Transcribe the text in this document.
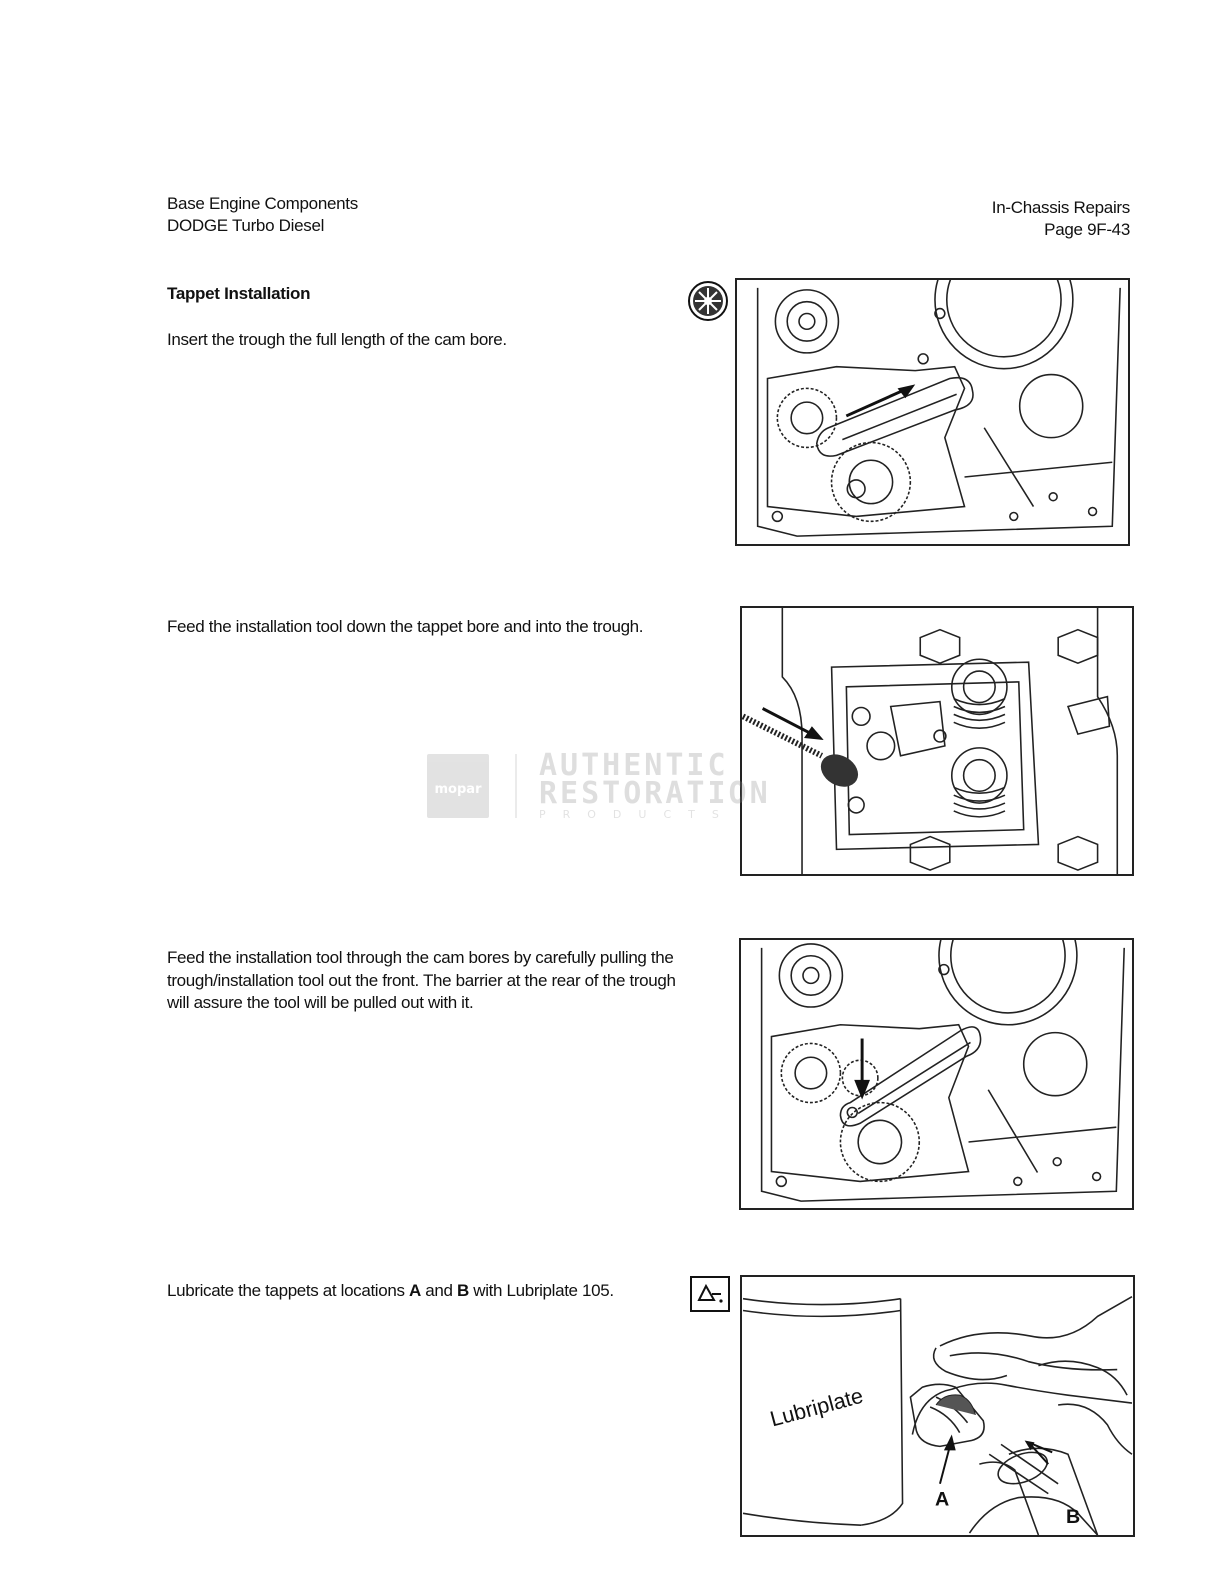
Base Engine Components
DODGE Turbo Diesel
In-Chassis Repairs
Page 9F-43
Tappet Installation
Insert the trough the full length of the cam bore.
Feed the installation tool down the tappet bore and into the trough.
mopar
AUTHENTIC
RESTORATION
PRODUCTS
Feed the installation tool through the cam bores by carefully pulling the trough/installation tool out the front. The barrier at the rear of the trough will assure the tool will be pulled out with it.
Lubricate the tappets at locations A and B with Lubriplate 105.
Lubriplate
A
B
